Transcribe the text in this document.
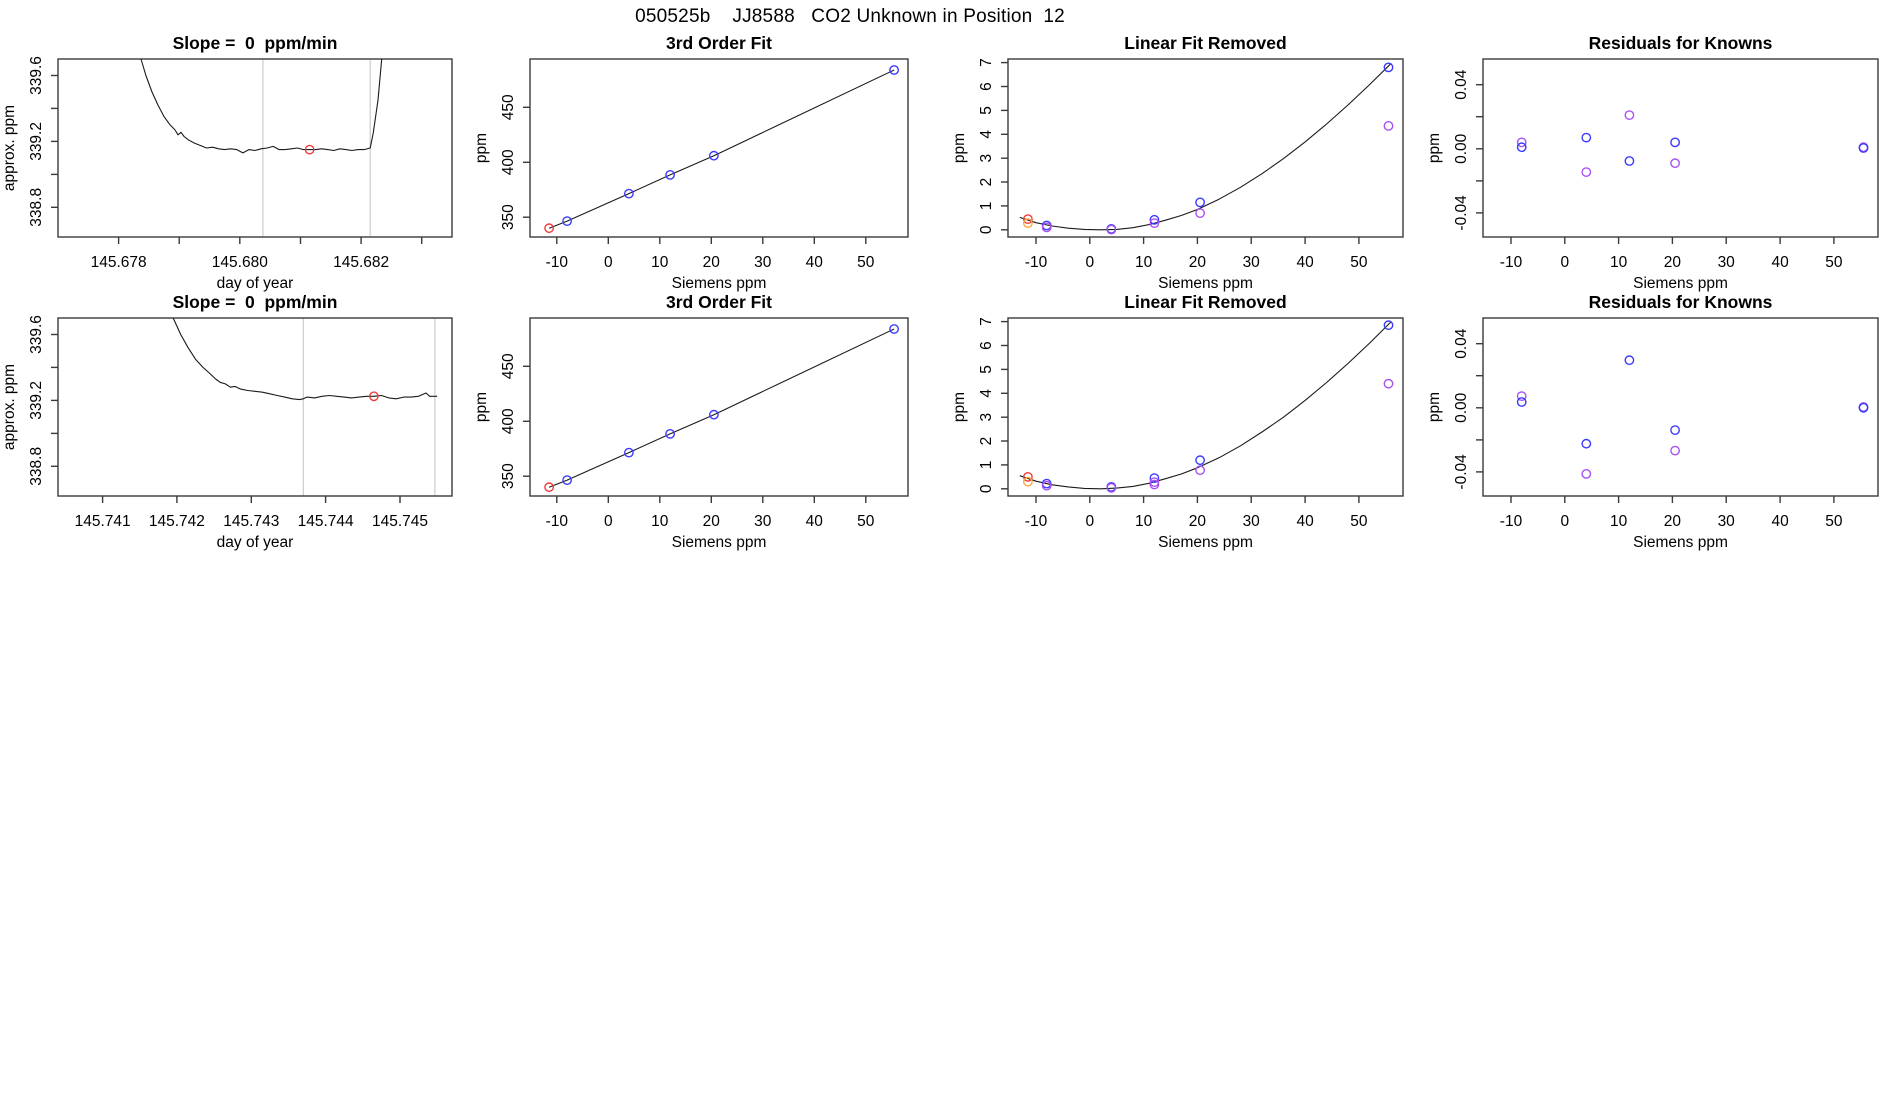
050525b    JJ8588   CO2 Unknown in Position  12
145.678	145.680	145.682
day of year
338.8
339.2
339.6
approx. ppm
Slope =  0  ppm/min
-10 0 10 20 30 40 50
Siemens ppm
350
400
450
ppm
3rd Order Fit
-10 0	10 20 30 40 50
Siemens ppm
0
1
2
3
4
5
6
7
ppm
Linear Fit Removed
-10 0	10 20 30 40 50
Siemens ppm
-0.04
0.00
0.04
ppm
Residuals for Knowns
145.741 145.742 145.743 145.744 145.745
day of year
338.8
339.2
339.6
approx. ppm
Slope =  0  ppm/min
-10 0 10 20 30 40 50
Siemens ppm
350
400
450
ppm
3rd Order Fit
-10 0	10 20 30 40 50
Siemens ppm
0
1
2
3
4
5
6
7
ppm
Linear Fit Removed
-10 0	10 20 30 40 50
Siemens ppm
-0.04
0.00
0.04
ppm
Residuals for Knowns
